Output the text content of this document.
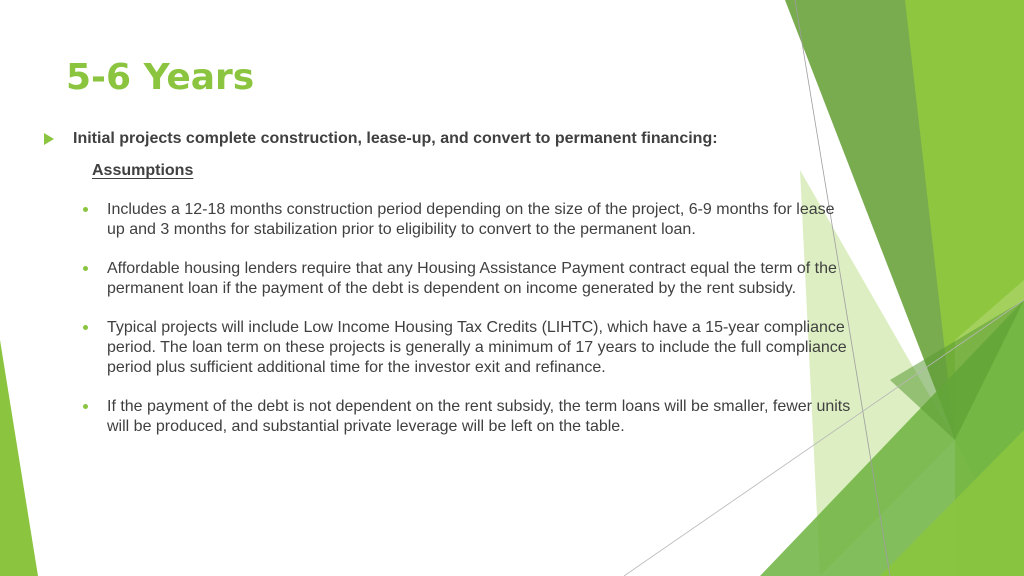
5-6 Years
Initial projects complete construction, lease-up, and convert to permanent financing:
Assumptions
Includes a 12-18 months construction period depending on the size of the project, 6-9 months for lease up and 3 months for stabilization prior to eligibility to convert to the permanent loan.
Affordable housing lenders require that any Housing Assistance Payment contract equal the term of the permanent loan if the payment of the debt is dependent on income generated by the rent subsidy.
Typical projects will include Low Income Housing Tax Credits (LIHTC), which have a 15-year compliance period. The loan term on these projects is generally a minimum of 17 years to include the full compliance period plus sufficient additional time for the investor exit and refinance.
If the payment of the debt is not dependent on the rent subsidy, the term loans will be smaller, fewer units will be produced, and substantial private leverage will be left on the table.
